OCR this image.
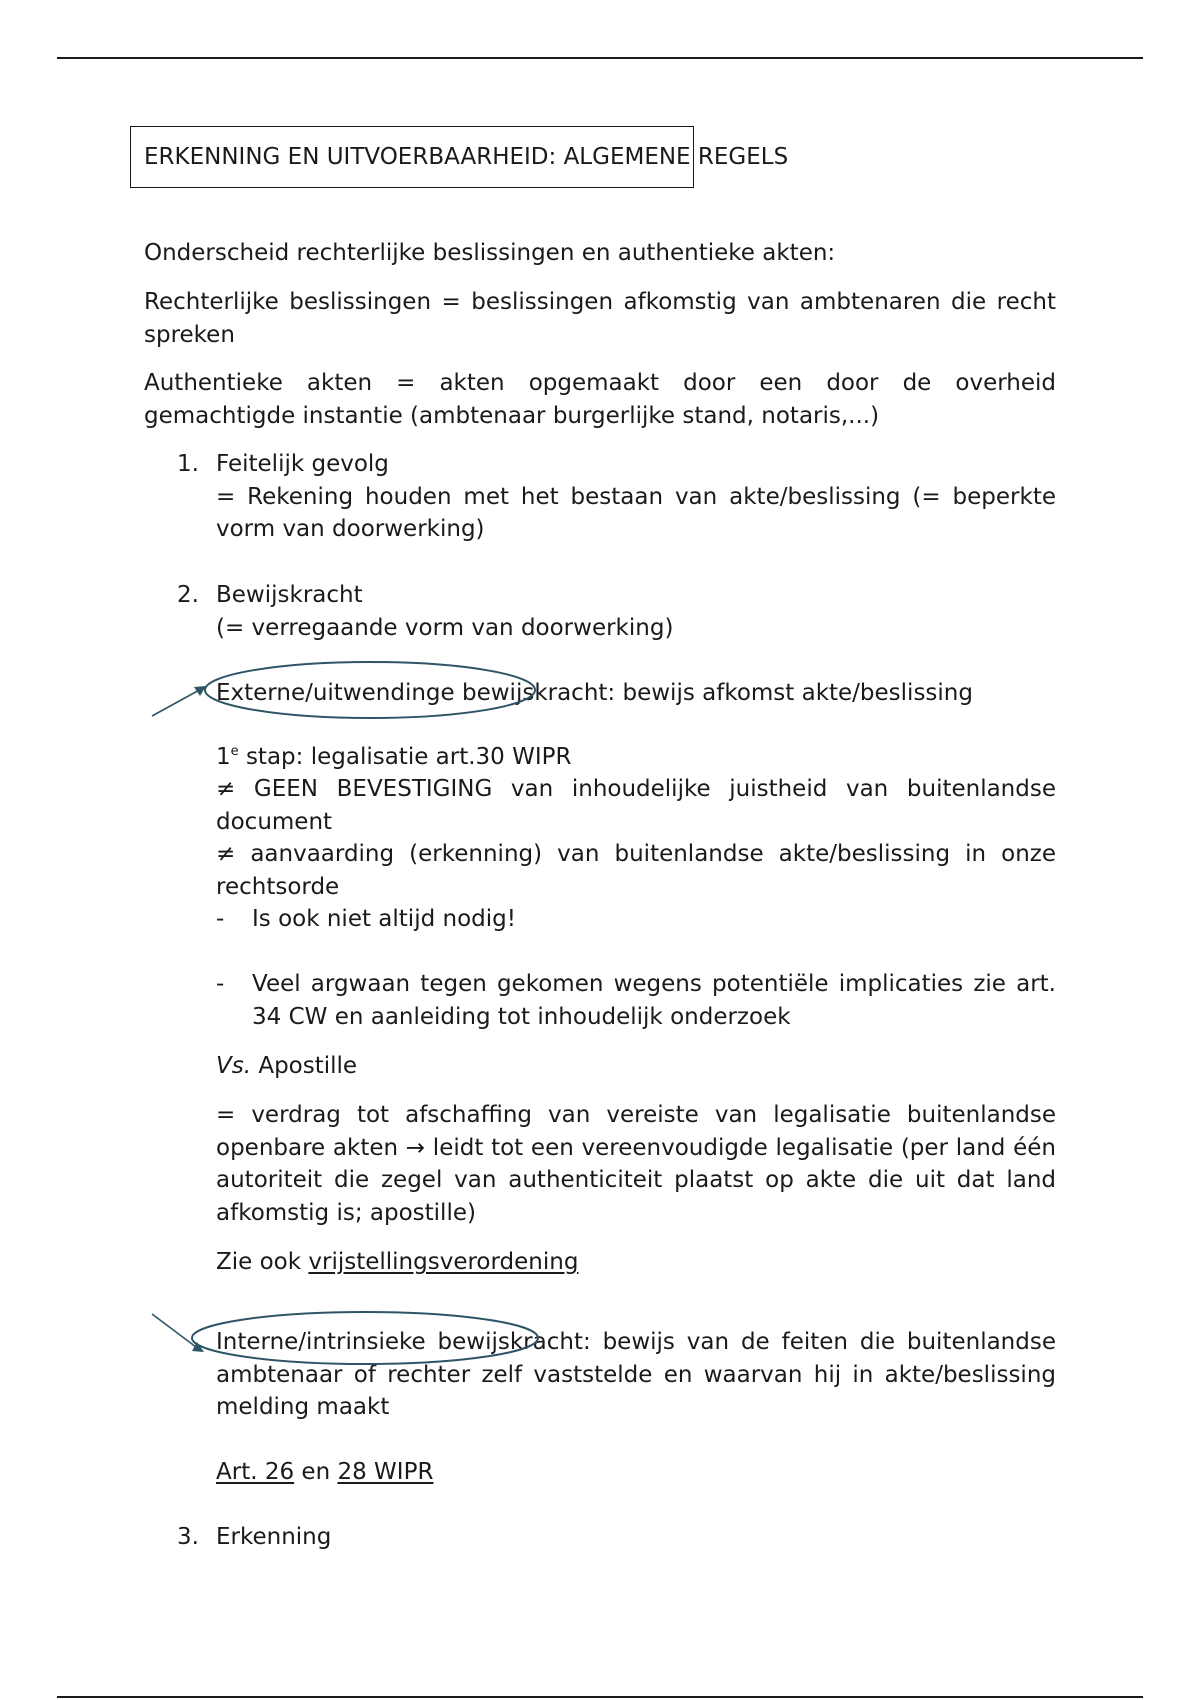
ERKENNING EN UITVOERBAARHEID: ALGEMENE REGELS
Onderscheid rechterlijke beslissingen en authentieke akten:
Rechterlijke beslissingen = beslissingen afkomstig van ambtenaren die recht spreken
Authentieke akten = akten opgemaakt door een door de overheid gemachtigde instantie (ambtenaar burgerlijke stand, notaris,...)
1. Feitelijk gevolg
= Rekening houden met het bestaan van akte/beslissing (= beperkte vorm van doorwerking)
2. Bewijskracht
(= verregaande vorm van doorwerking)
Externe/uitwendinge bewijskracht: bewijs afkomst akte/beslissing
1e stap: legalisatie art.30 WIPR
≠ GEEN BEVESTIGING van inhoudelijke juistheid van buitenlandse document
≠ aanvaarding (erkenning) van buitenlandse akte/beslissing in onze rechtsorde
- Is ook niet altijd nodig!
- Veel argwaan tegen gekomen wegens potentiële implicaties zie art. 34 CW en aanleiding tot inhoudelijk onderzoek
Vs. Apostille
= verdrag tot afschaffing van vereiste van legalisatie buitenlandse openbare akten → leidt tot een vereenvoudigde legalisatie (per land één autoriteit die zegel van authenticiteit plaatst op akte die uit dat land afkomstig is; apostille)
Zie ook vrijstellingsverordening
Interne/intrinsieke bewijskracht: bewijs van de feiten die buitenlandse ambtenaar of rechter zelf vaststelde en waarvan hij in akte/beslissing melding maakt
Art. 26 en 28 WIPR
3. Erkenning
